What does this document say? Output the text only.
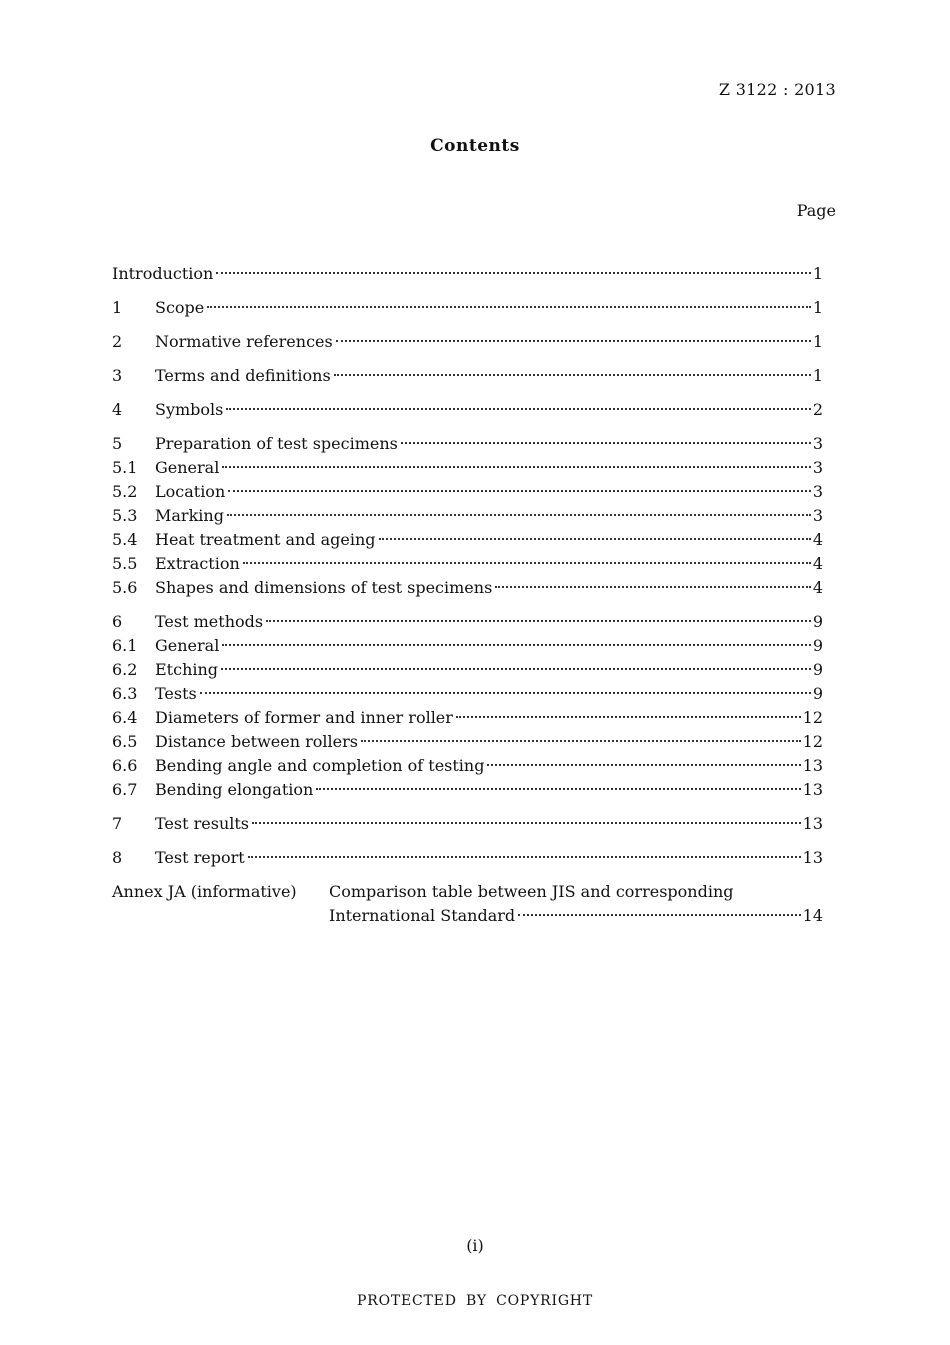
Z 3122 : 2013
Contents
Page
Introduction	1
1	Scope	1
2	Normative references	1
3	Terms and definitions	1
4	Symbols	2
5	Preparation of test specimens	3
5.1	General	3
5.2	Location	3
5.3	Marking	3
5.4	Heat treatment and ageing	4
5.5	Extraction	4
5.6	Shapes and dimensions of test specimens	4
6	Test methods	9
6.1	General	9
6.2	Etching	9
6.3	Tests	9
6.4	Diameters of former and inner roller	12
6.5	Distance between rollers	12
6.6	Bending angle and completion of testing	13
6.7	Bending elongation	13
7	Test results	13
8	Test report	13
Annex JA (informative)	Comparison table between JIS and corresponding
International Standard	14
(i)
PROTECTED BY COPYRIGHT
